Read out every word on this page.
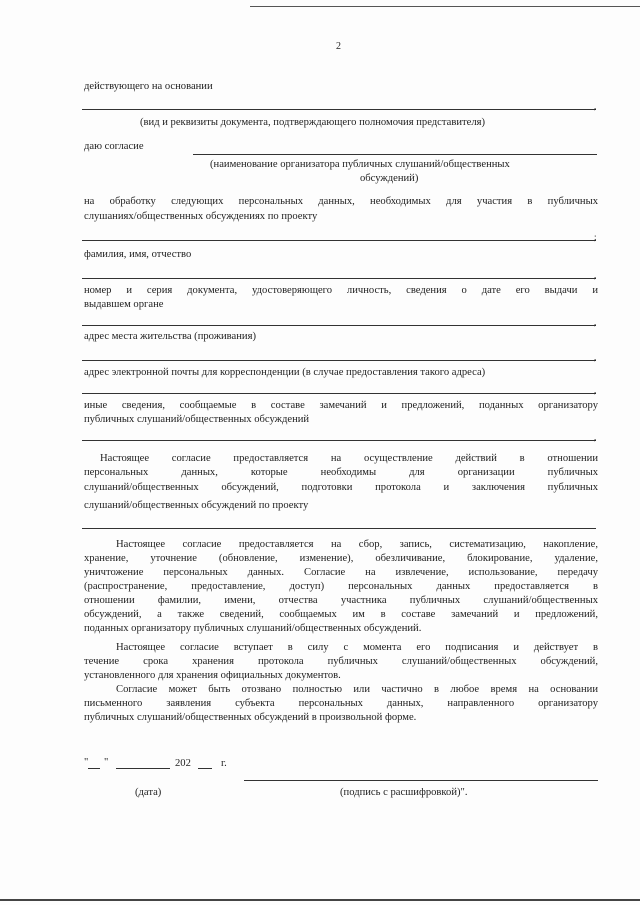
2
действующего на основании
,
(вид и реквизиты документа, подтверждающего полномочия представителя)
даю согласие
(наименование организатора публичных слушаний/общественных
обсуждений)
на обработку следующих персональных данных, необходимых для участия в публичных
слушаниях/общественных обсуждениях по проекту
;
фамилия, имя, отчество
,
номер и серия документа, удостоверяющего личность, сведения о дате его выдачи и
выдавшем органе
,
адрес места жительства (проживания)
,
адрес электронной почты для корреспонденции (в случае предоставления такого адреса)
,
иные сведения, сообщаемые в составе замечаний и предложений, поданных организатору
публичных слушаний/общественных обсуждений
,
Настоящее согласие предоставляется на осуществление действий в отношении
персональных данных, которые необходимы для организации публичных
слушаний/общественных обсуждений, подготовки протокола и заключения публичных
слушаний/общественных обсуждений по проекту
Настоящее согласие предоставляется на сбор, запись, систематизацию, накопление,
хранение, уточнение (обновление, изменение), обезличивание, блокирование, удаление,
уничтожение персональных данных. Согласие на извлечение, использование, передачу
(распространение, предоставление, доступ) персональных данных предоставляется в
отношении фамилии, имени, отчества участника публичных слушаний/общественных
обсуждений, а также сведений, сообщаемых им в составе замечаний и предложений,
поданных организатору публичных слушаний/общественных обсуждений.
Настоящее согласие вступает в силу с момента его подписания и действует в
течение срока хранения протокола публичных слушаний/общественных обсуждений,
установленного для хранения официальных документов.
Согласие может быть отозвано полностью или частично в любое время на основании
письменного заявления субъекта персональных данных, направленного организатору
публичных слушаний/общественных обсуждений в произвольной форме.
" "	202	г.
(дата)	(подпись с расшифровкой)".
